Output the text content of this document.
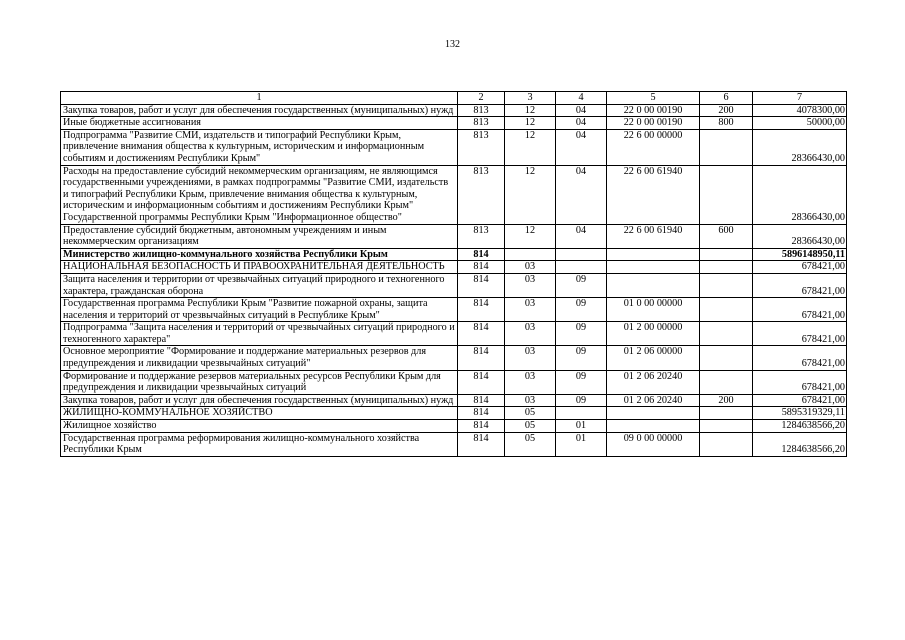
132
1	2	3	4	5	6	7
Закупка товаров, работ и услуг для обеспечения государственных (муниципальных) нужд	813	12	04	22 0 00 00190	200	4078300,00
Иные бюджетные ассигнования	813	12	04	22 0 00 00190	800	50000,00
Подпрограмма "Развитие СМИ, издательств и типографий Республики Крым, привлечение внимания общества к культурным, историческим и информационным событиям и достижениям Республики Крым"	813	12	04	22 6 00 00000		28366430,00
Расходы на предоставление субсидий некоммерческим организациям, не являющимся государственными учреждениями, в рамках подпрограммы "Развитие СМИ, издательств и типографий Республики Крым, привлечение внимания общества к культурным, историческим и информационным событиям и достижениям Республики Крым" Государственной программы Республики Крым "Информационное общество"	813	12	04	22 6 00 61940		28366430,00
Предоставление субсидий бюджетным, автономным учреждениям и иным некоммерческим организациям	813	12	04	22 6 00 61940	600	28366430,00
Министерство жилищно-коммунального хозяйства Республики Крым	814					5896148950,11
НАЦИОНАЛЬНАЯ БЕЗОПАСНОСТЬ И ПРАВООХРАНИТЕЛЬНАЯ ДЕЯТЕЛЬНОСТЬ	814	03				678421,00
Защита населения и территории от чрезвычайных ситуаций природного и техногенного характера, гражданская оборона	814	03	09			678421,00
Государственная программа Республики Крым "Развитие пожарной охраны, защита населения и территорий от чрезвычайных ситуаций в Республике Крым"	814	03	09	01 0 00 00000		678421,00
Подпрограмма "Защита населения и территорий от чрезвычайных ситуаций природного и техногенного характера"	814	03	09	01 2 00 00000		678421,00
Основное мероприятие "Формирование и поддержание материальных резервов для предупреждения и ликвидации чрезвычайных ситуаций"	814	03	09	01 2 06 00000		678421,00
Формирование и поддержание резервов материальных ресурсов Республики Крым для предупреждения и ликвидации чрезвычайных ситуаций	814	03	09	01 2 06 20240		678421,00
Закупка товаров, работ и услуг для обеспечения государственных (муниципальных) нужд	814	03	09	01 2 06 20240	200	678421,00
ЖИЛИЩНО-КОММУНАЛЬНОЕ ХОЗЯЙСТВО	814	05				5895319329,11
Жилищное хозяйство	814	05	01			1284638566,20
Государственная программа реформирования жилищно-коммунального хозяйства Республики Крым	814	05	01	09 0 00 00000		1284638566,20
